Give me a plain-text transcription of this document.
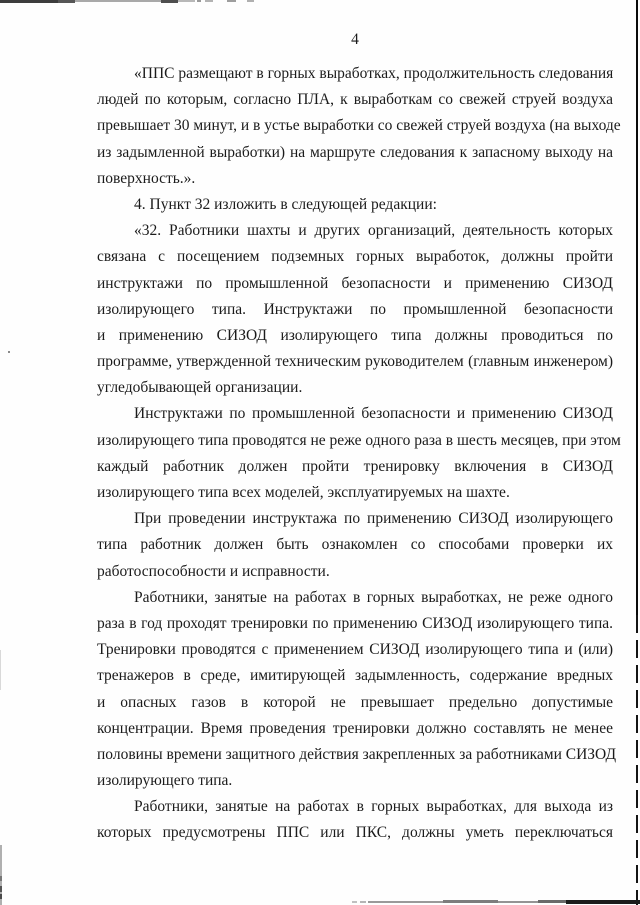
4
«ППС размещают в горных выработках, продолжительность следования
людей по которым, согласно ПЛА, к выработкам со свежей струей воздуха
превышает 30 минут, и в устье выработки со свежей струей воздуха (на выходе
из задымленной выработки) на маршруте следования к запасному выходу на
поверхность.».
4. Пункт 32 изложить в следующей редакции:
«32. Работники шахты и других организаций, деятельность которых
связана с посещением подземных горных выработок, должны пройти
инструктажи по промышленной безопасности и применению СИЗОД
изолирующего типа. Инструктажи по промышленной безопасности
и применению СИЗОД изолирующего типа должны проводиться по
программе, утвержденной техническим руководителем (главным инженером)
угледобывающей организации.
Инструктажи по промышленной безопасности и применению СИЗОД
изолирующего типа проводятся не реже одного раза в шесть месяцев, при этом
каждый работник должен пройти тренировку включения в СИЗОД
изолирующего типа всех моделей, эксплуатируемых на шахте.
При проведении инструктажа по применению СИЗОД изолирующего
типа работник должен быть ознакомлен со способами проверки их
работоспособности и исправности.
Работники, занятые на работах в горных выработках, не реже одного
раза в год проходят тренировки по применению СИЗОД изолирующего типа.
Тренировки проводятся с применением СИЗОД изолирующего типа и (или)
тренажеров в среде, имитирующей задымленность, содержание вредных
и опасных газов в которой не превышает предельно допустимые
концентрации. Время проведения тренировки должно составлять не менее
половины времени защитного действия закрепленных за работниками СИЗОД
изолирующего типа.
Работники, занятые на работах в горных выработках, для выхода из
которых предусмотрены ППС или ПКС, должны уметь переключаться
